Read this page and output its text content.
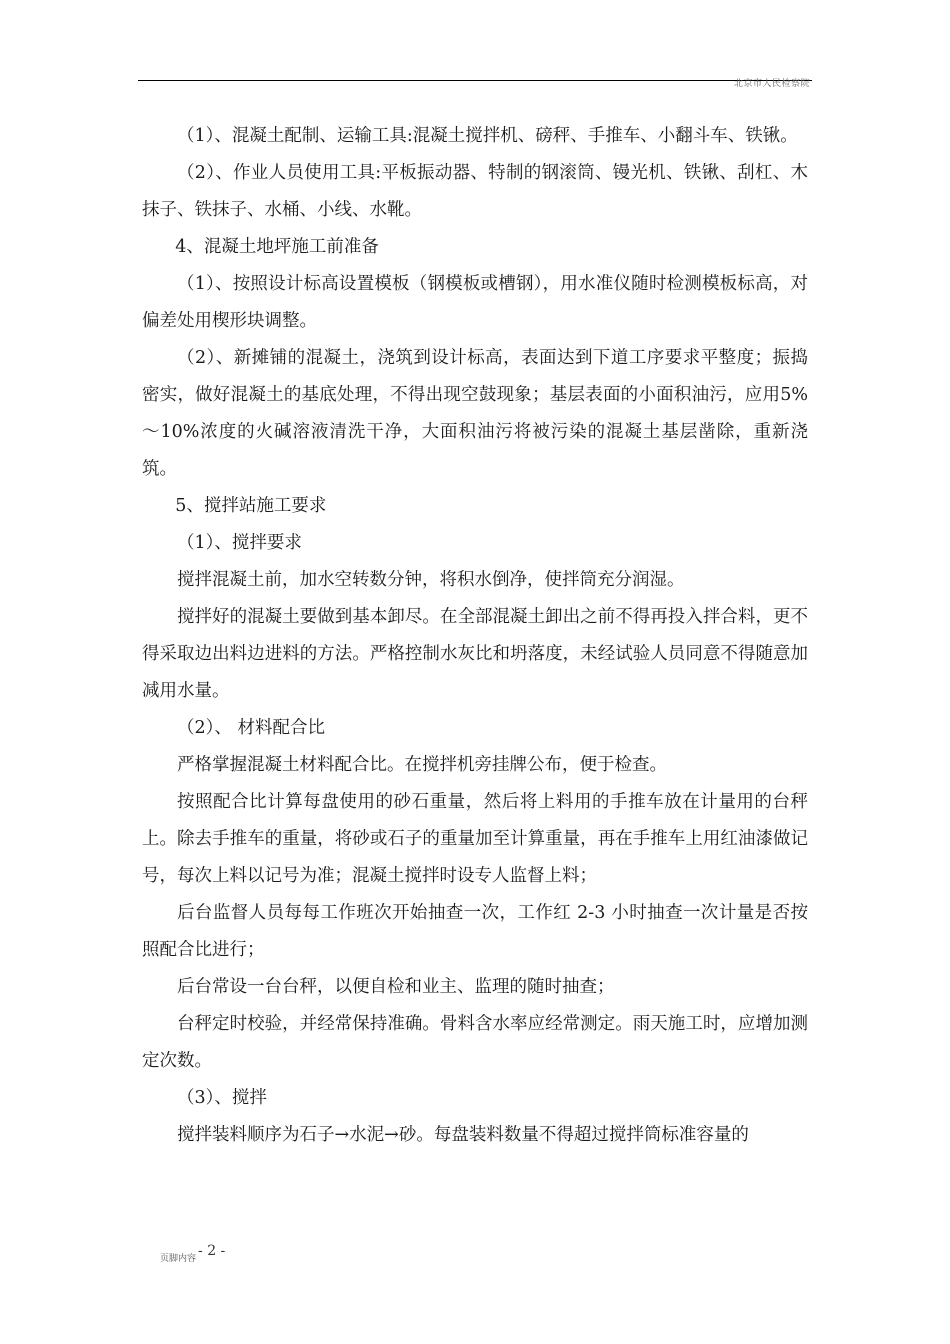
北京市人民检察院

（1）、混凝土配制、运输工具:混凝土搅拌机、磅秤、手推车、小翻斗车、铁锹。

（2）、作业人员使用工具:平板振动器、特制的钢滚筒、镘光机、铁锹、刮杠、木抹子、铁抹子、水桶、小线、水靴。

4、混凝土地坪施工前准备

（1）、按照设计标高设置模板（钢模板或槽钢），用水准仪随时检测模板标高，对偏差处用楔形块调整。

（2）、新摊铺的混凝土，浇筑到设计标高，表面达到下道工序要求平整度；振捣密实，做好混凝土的基底处理，不得出现空鼓现象；基层表面的小面积油污，应用5%～10%浓度的火碱溶液清洗干净，大面积油污将被污染的混凝土基层凿除，重新浇筑。

5、搅拌站施工要求

（1）、搅拌要求

搅拌混凝土前，加水空转数分钟，将积水倒净，使拌筒充分润湿。

搅拌好的混凝土要做到基本卸尽。在全部混凝土卸出之前不得再投入拌合料，更不得采取边出料边进料的方法。严格控制水灰比和坍落度，未经试验人员同意不得随意加减用水量。

（2）、 材料配合比

严格掌握混凝土材料配合比。在搅拌机旁挂牌公布，便于检查。

按照配合比计算每盘使用的砂石重量，然后将上料用的手推车放在计量用的台秤上。除去手推车的重量，将砂或石子的重量加至计算重量，再在手推车上用红油漆做记号，每次上料以记号为准；混凝土搅拌时设专人监督上料；

后台监督人员每每工作班次开始抽查一次，工作红 2-3 小时抽查一次计量是否按照配合比进行；

后台常设一台台秤，以便自检和业主、监理的随时抽查；

台秤定时校验，并经常保持准确。骨料含水率应经常测定。雨天施工时，应增加测定次数。

（3）、搅拌

搅拌装料顺序为石子→水泥→砂。每盘装料数量不得超过搅拌筒标准容量的

页脚内容 - 2 -
